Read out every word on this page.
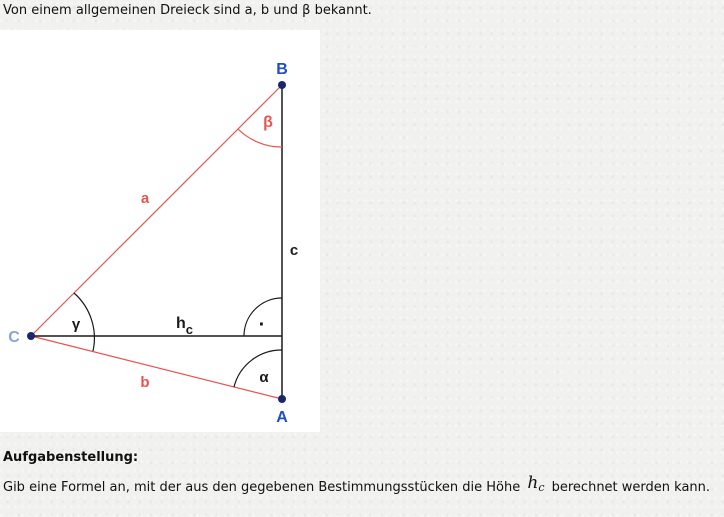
Von einem allgemeinen Dreieck sind a, b und β bekannt.
·
B
A
C
a
b
c
$h_c$
β
γ
α
Aufgabenstellung:
Gib eine Formel an, mit der aus den gegebenen Bestimmungsstücken die Höhe $h_c$ berechnet werden kann.
